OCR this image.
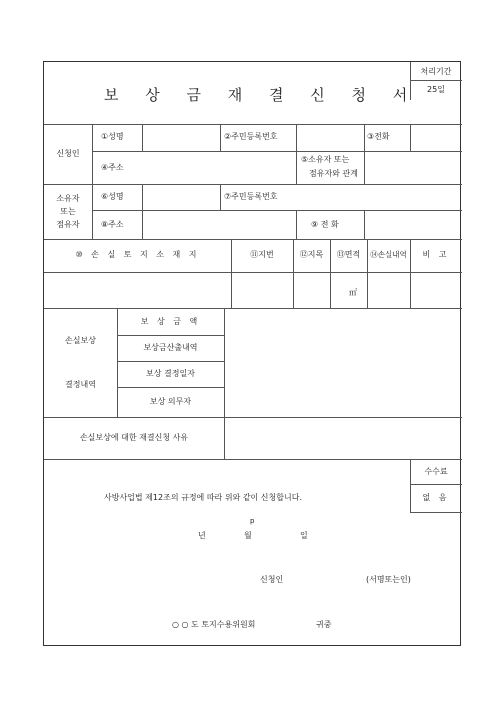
보 상 금 재 결 신 청 서
처리기간
25일
신청인
①성명	②주민등록번호	③전화
④주소
⑤소유자 또는
점유자와 관계
소유자
또는
점유자
⑥성명	⑦주민등록번호
⑧주소	⑨ 전 화
⑩ 손 실 토 지 소 재 지	⑪지번	⑫지목	⑬면적	⑭손실내역	비 고
㎡
손실보상
결정내역
보 상 금 액
보상금산출내역
보상 결정일자
보상 의무자
손실보상에 대한 재결신청 사유
수수료
없 음
사방사업법 제12조의 규정에 따라 위와 같이 신청합니다.
p
년	월	일
신청인	(서명또는인)
○ ○ 도 토지수용위원회	귀중
